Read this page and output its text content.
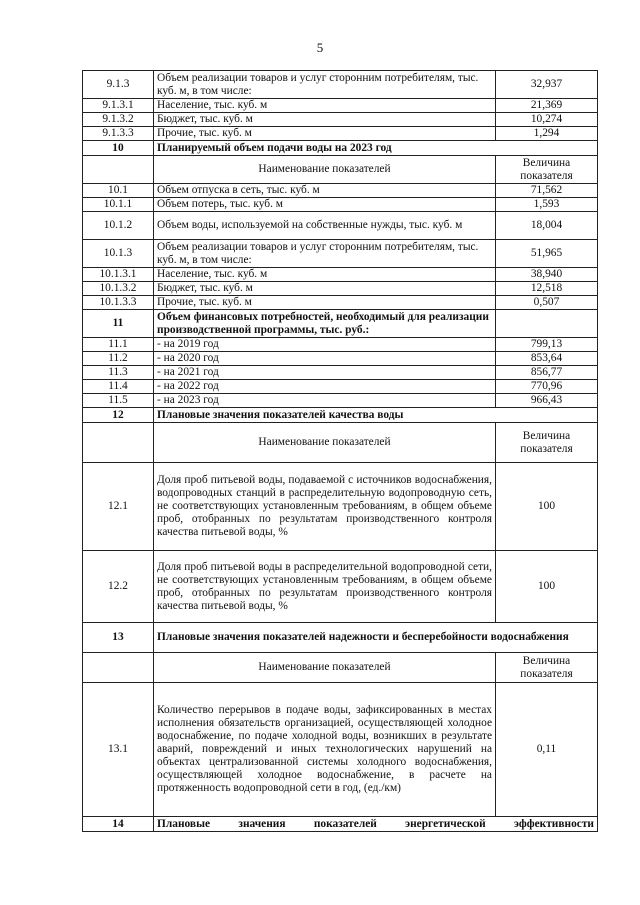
5
9.1.3	Объем реализации товаров и услуг сторонним потребителям, тыс. куб. м, в том числе:	32,937
9.1.3.1	Население, тыс. куб. м	21,369
9.1.3.2	Бюджет, тыс. куб. м	10,274
9.1.3.3	Прочие, тыс. куб. м	1,294
10	Планируемый объем подачи воды на 2023 год	
	Наименование показателей	Величина показателя
10.1	Объем отпуска в сеть, тыс. куб. м	71,562
10.1.1	Объем потерь, тыс. куб. м	1,593
10.1.2	Объем воды, используемой на собственные нужды, тыс. куб. м	18,004
10.1.3	Объем реализации товаров и услуг сторонним потребителям, тыс. куб. м, в том числе:	51,965
10.1.3.1	Население, тыс. куб. м	38,940
10.1.3.2	Бюджет, тыс. куб. м	12,518
10.1.3.3	Прочие, тыс. куб. м	0,507
11	Объем финансовых потребностей, необходимый для реализации производственной программы, тыс. руб.:	
11.1	- на 2019 год	799,13
11.2	- на 2020 год	853,64
11.3	- на 2021 год	856,77
11.4	- на 2022 год	770,96
11.5	- на 2023 год	966,43
12	Плановые значения показателей качества воды	
	Наименование показателей	Величина показателя
12.1	Доля проб питьевой воды, подаваемой с источников водоснабжения, водопроводных станций в распределительную водопроводную сеть, не соответствующих установленным требованиям, в общем объеме проб, отобранных по результатам производственного контроля качества питьевой воды, %	100
12.2	Доля проб питьевой воды в распределительной водопроводной сети, не соответствующих установленным требованиям, в общем объеме проб, отобранных по результатам производственного контроля качества питьевой воды, %	100
13	Плановые значения показателей надежности и бесперебойности водоснабжения	
	Наименование показателей	Величина показателя
13.1	Количество перерывов в подаче воды, зафиксированных в местах исполнения обязательств организацией, осуществляющей холодное водоснабжение, по подаче холодной воды, возникших в результате аварий, повреждений и иных технологических нарушений на объектах централизованной системы холодного водоснабжения, осуществляющей холодное водоснабжение, в расчете на протяженность водопроводной сети в год, (ед./км)	0,11
14	Плановые значения показателей энергетической эффективности	
